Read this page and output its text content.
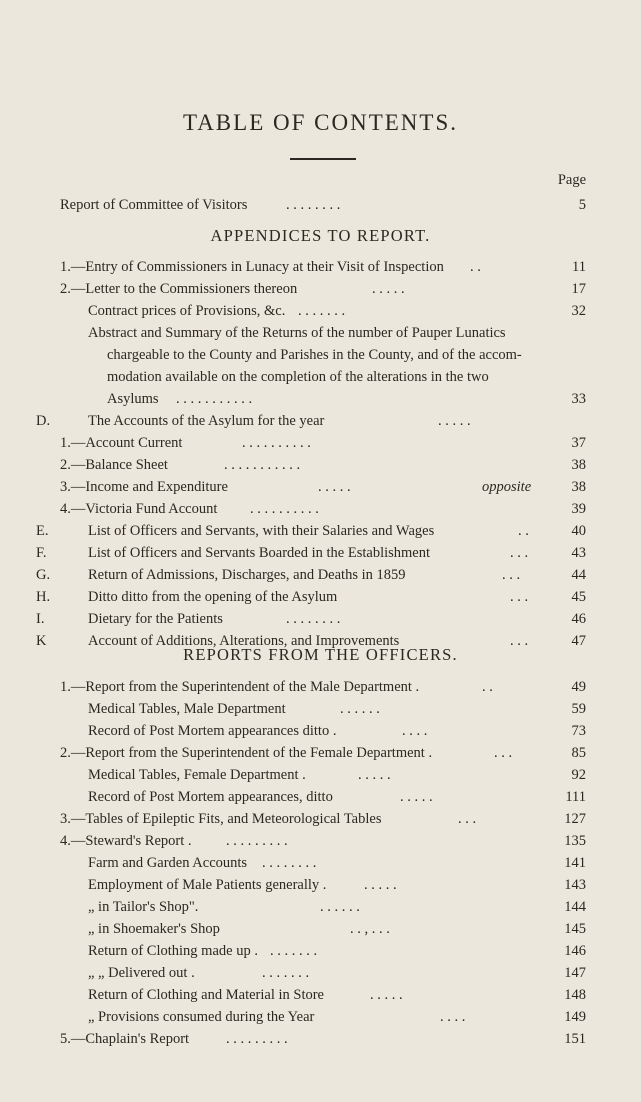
TABLE OF CONTENTS.
Page
Report of Committee of Visitors	. . . . . . . .	5
APPENDICES TO REPORT.
1.—Entry of Commissioners in Lunacy at their Visit of Inspection . .	11
2.—Letter to the Commissioners thereon	. . . . .	17
Contract prices of Provisions, &c. . . . . . . .	32
Abstract and Summary of the Returns of the number of Pauper Lunatics
chargeable to the County and Parishes in the County, and of the accom-
modation available on the completion of the alterations in the two
Asylums . . . . . . . . . . .	33
D.	The Accounts of the Asylum for the year	. . . . .
1.—Account Current	. . . . . . . . . .	37
2.—Balance Sheet	. . . . . . . . . . .	38
3.—Income and Expenditure	. . . . .	opposite	38
4.—Victoria Fund Account . . . . . . . . . .	39
E.	List of Officers and Servants, with their Salaries and Wages	. .	40
F.	List of Officers and Servants Boarded in the Establishment	. . .	43
G.	Return of Admissions, Discharges, and Deaths in 1859	. . .	44
H.	Ditto ditto from the opening of the Asylum	. . .	45
I.	Dietary for the Patients	. . . . . . . .	46
K	Account of Additions, Alterations, and Improvements	. . .	47
REPORTS FROM THE OFFICERS.
1.—Report from the Superintendent of the Male Department .	. .	49
Medical Tables, Male Department	. . . . . .	59
Record of Post Mortem appearances ditto .	. . . .	73
2.—Report from the Superintendent of the Female Department .	. . .	85
Medical Tables, Female Department .	. . . . .	92
Record of Post Mortem appearances, ditto	. . . . .	111
3.—Tables of Epileptic Fits, and Meteorological Tables	. . .	127
4.—Steward's Report . . . . . . . . . .	135
Farm and Garden Accounts . . . . . . . .	141
Employment of Male Patients generally .	. . . . .	143
„ in Tailor's Shop".	. . . . . .	144
„ in Shoemaker's Shop	. . , . . .	145
Return of Clothing made up . . . . . . . .	146
„ „ Delivered out .	. . . . . . .	147
Return of Clothing and Material in Store	. . . . .	148
„ Provisions consumed during the Year	. . . .	149
5.—Chaplain's Report	. . . . . . . . .	151
